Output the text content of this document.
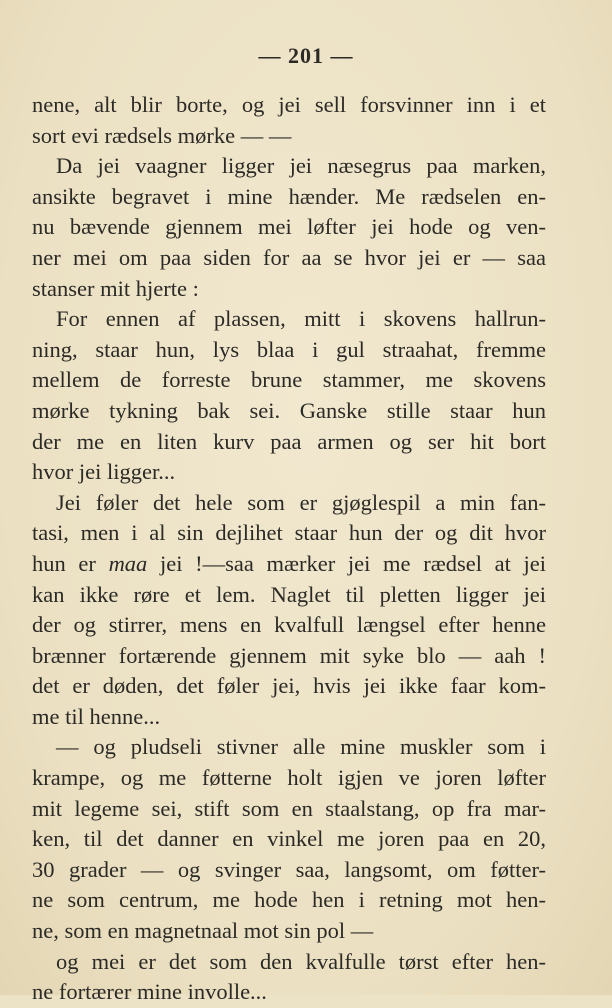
— 201 —
nene, alt blir borte, og jei sell forsvinner inn i et
sort evi rædsels mørke — —
Da jei vaagner ligger jei næsegrus paa marken,
ansikte begravet i mine hænder. Me rædselen en-
nu bævende gjennem mei løfter jei hode og ven-
ner mei om paa siden for aa se hvor jei er — saa
stanser mit hjerte :
For ennen af plassen, mitt i skovens hallrun-
ning, staar hun, lys blaa i gul straahat, fremme
mellem de forreste brune stammer, me skovens
mørke tykning bak sei. Ganske stille staar hun
der me en liten kurv paa armen og ser hit bort
hvor jei ligger...
Jei føler det hele som er gjøglespil a min fan-
tasi, men i al sin dejlihet staar hun der og dit hvor
hun er maa jei !—saa mærker jei me rædsel at jei
kan ikke røre et lem. Naglet til pletten ligger jei
der og stirrer, mens en kvalfull længsel efter henne
brænner fortærende gjennem mit syke blo — aah !
det er døden, det føler jei, hvis jei ikke faar kom-
me til henne...
— og pludseli stivner alle mine muskler som i
krampe, og me føtterne holt igjen ve joren løfter
mit legeme sei, stift som en staalstang, op fra mar-
ken, til det danner en vinkel me joren paa en 20,
30 grader — og svinger saa, langsomt, om føtter-
ne som centrum, me hode hen i retning mot hen-
ne, som en magnetnaal mot sin pol —
og mei er det som den kvalfulle tørst efter hen-
ne fortærer mine involle...
